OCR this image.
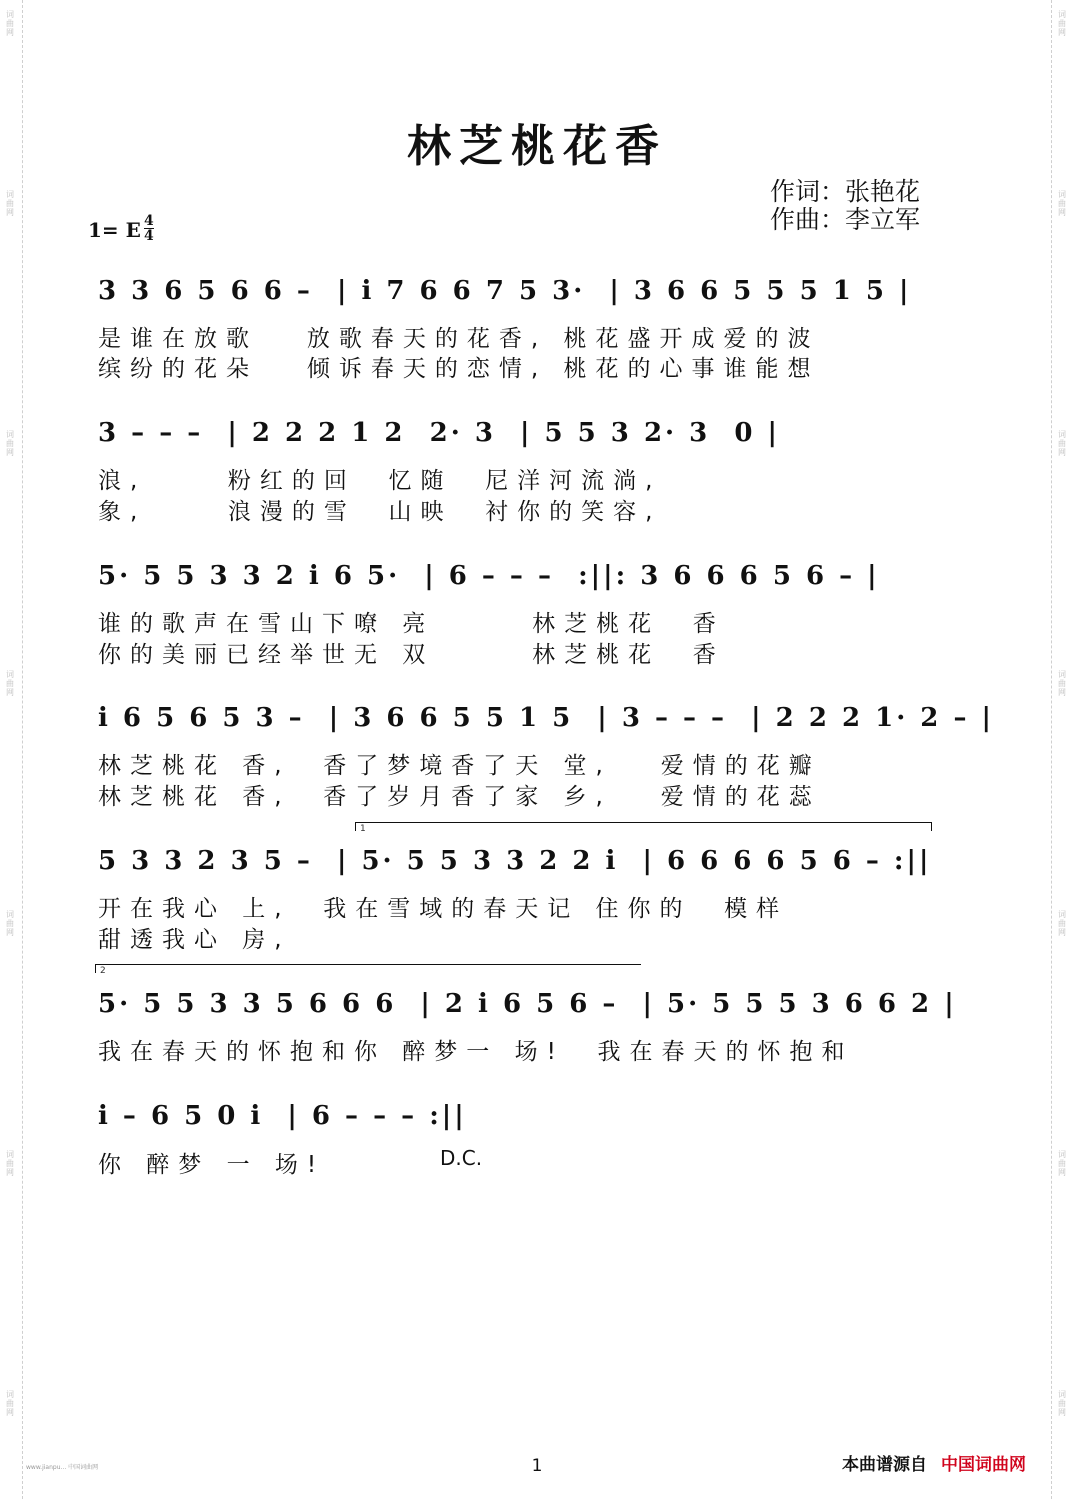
词曲网
词曲网
词曲网
词曲网
词曲网
词曲网
词曲网
词曲网
词曲网
词曲网
词曲网
词曲网
词曲网
词曲网
林芝桃花香
作词：张艳花
作曲：李立军
1= E $\frac{4}{4}$
3 3 6 5 6 6 –  | i 7 6 6 7 5 3·  | 3 6 6 5 5 5 1 5 |
是谁在放歌   放歌春天的花香, 桃花盛开成爱的波
缤纷的花朵   倾诉春天的恋情, 桃花的心事谁能想
3 – – –  | 2 2 2 1 2  2· 3  | 5 5 3 2· 3  0 |
浪,     粉红的回  忆随  尼洋河流淌,
象,     浪漫的雪  山映  衬你的笑容,
5· 5 5 3 3 2 i 6 5·  | 6 – – –  :||: 3 6 6 6 5 6 – |
谁的歌声在雪山下嘹 亮      林芝桃花  香
你的美丽已经举世无 双      林芝桃花  香
i 6 5 6 5 3 –  | 3 6 6 5 5 1 5  | 3 – – –  | 2 2 2 1· 2 – |
林芝桃花 香,  香了梦境香了天 堂,   爱情的花瓣
林芝桃花 香,  香了岁月香了家 乡,   爱情的花蕊
1
5 3 3 2 3 5 –  | 5· 5 5 3 3 2 2 i  | 6 6 6 6 5 6 – :||
开在我心 上,  我在雪域的春天记 住你的  模样
甜透我心 房,
2
5· 5 5 3 3 5 6 6 6  | 2 i 6 5 6 –  | 5· 5 5 5 3 6 6 2 |
我在春天的怀抱和你 醉梦一 场!  我在春天的怀抱和
i – 6 5 0 i  | 6 – – – :||
你 醉梦 一 场!	D.C.
www.jianpu... 中国词曲网	1	本曲谱源自 中国词曲网
